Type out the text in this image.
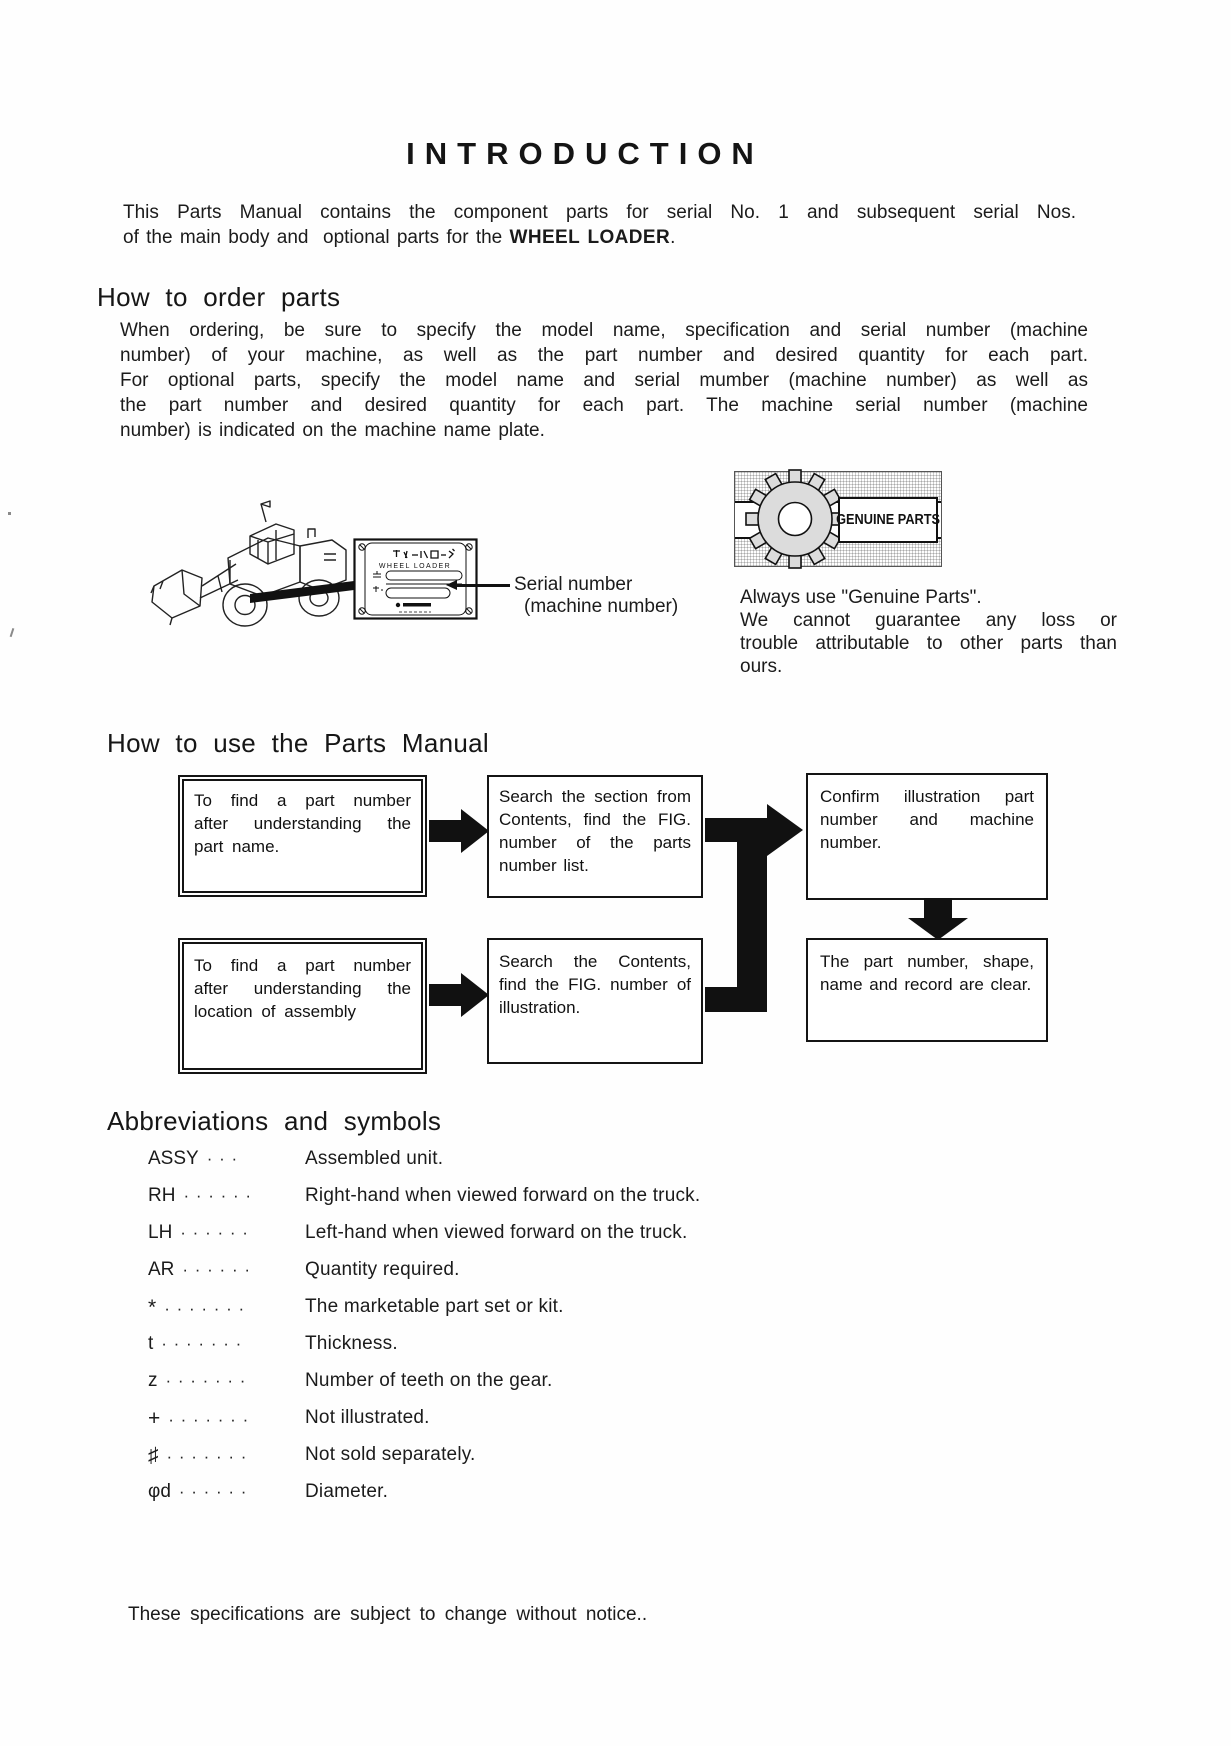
INTRODUCTION
This Parts Manual contains the component parts for serial No. 1 and subsequent serial Nos.
of the main body and  optional parts for the WHEEL LOADER.
How to order parts
When ordering, be sure to specify the model name, specification and serial number (machine
number) of your machine, as well as the part number and desired quantity for each part.
For optional parts, specify the model name and serial mumber (machine number) as well as
the part number and desired quantity for each part. The machine serial number (machine
number) is indicated on the machine name plate.
WHEEL LOADER
Serial number
(machine number)
GENUINE PARTS
Always use "Genuine Parts".
We cannot guarantee any loss or
trouble attributable to other parts than
ours.
How to use the Parts Manual
To find a part number after understanding the part name.
Search the section from Contents, find the FIG. number of the parts number list.
Confirm illustration part number and machine number.
The part number, shape, name and record are clear.
To find a part number after understanding the location of assembly
Search the Contents, find the FIG. number of illustration.
Abbreviations and symbols
ASSY · · ·	Assembled unit.
RH · · · · · ·	Right-hand when viewed forward on the truck.
LH · · · · · ·	Left-hand when viewed forward on the truck.
AR · · · · · ·	Quantity required.
* · · · · · · ·	The marketable part set or kit.
t · · · · · · ·	Thickness.
z · · · · · · ·	Number of teeth on the gear.
+ · · · · · · ·	Not illustrated.
♯ · · · · · · ·	Not sold separately.
φd · · · · · ·	Diameter.
These specifications are subject to change without notice..
